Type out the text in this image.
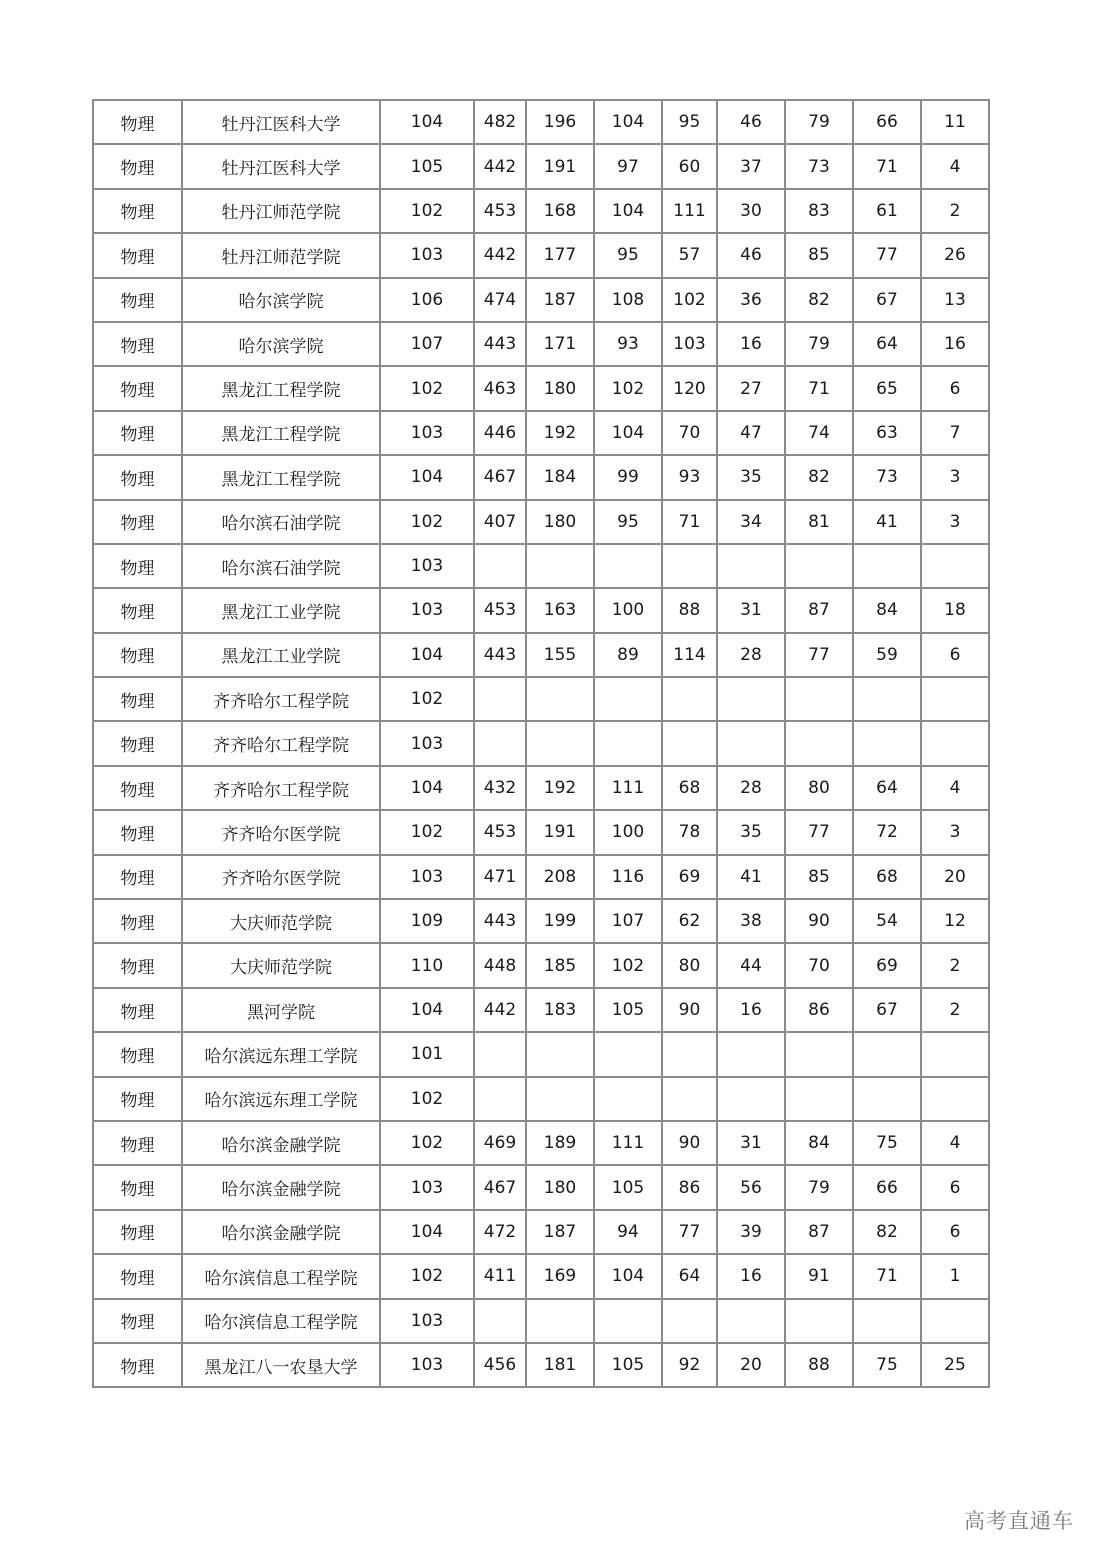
物理	牡丹江医科大学	104	482	196	104	95	46	79	66	11
物理	牡丹江医科大学	105	442	191	97	60	37	73	71	4
物理	牡丹江师范学院	102	453	168	104	111	30	83	61	2
物理	牡丹江师范学院	103	442	177	95	57	46	85	77	26
物理	哈尔滨学院	106	474	187	108	102	36	82	67	13
物理	哈尔滨学院	107	443	171	93	103	16	79	64	16
物理	黑龙江工程学院	102	463	180	102	120	27	71	65	6
物理	黑龙江工程学院	103	446	192	104	70	47	74	63	7
物理	黑龙江工程学院	104	467	184	99	93	35	82	73	3
物理	哈尔滨石油学院	102	407	180	95	71	34	81	41	3
物理	哈尔滨石油学院	103								
物理	黑龙江工业学院	103	453	163	100	88	31	87	84	18
物理	黑龙江工业学院	104	443	155	89	114	28	77	59	6
物理	齐齐哈尔工程学院	102								
物理	齐齐哈尔工程学院	103								
物理	齐齐哈尔工程学院	104	432	192	111	68	28	80	64	4
物理	齐齐哈尔医学院	102	453	191	100	78	35	77	72	3
物理	齐齐哈尔医学院	103	471	208	116	69	41	85	68	20
物理	大庆师范学院	109	443	199	107	62	38	90	54	12
物理	大庆师范学院	110	448	185	102	80	44	70	69	2
物理	黑河学院	104	442	183	105	90	16	86	67	2
物理	哈尔滨远东理工学院	101								
物理	哈尔滨远东理工学院	102								
物理	哈尔滨金融学院	102	469	189	111	90	31	84	75	4
物理	哈尔滨金融学院	103	467	180	105	86	56	79	66	6
物理	哈尔滨金融学院	104	472	187	94	77	39	87	82	6
物理	哈尔滨信息工程学院	102	411	169	104	64	16	91	71	1
物理	哈尔滨信息工程学院	103								
物理	黑龙江八一农垦大学	103	456	181	105	92	20	88	75	25
高考直通车
